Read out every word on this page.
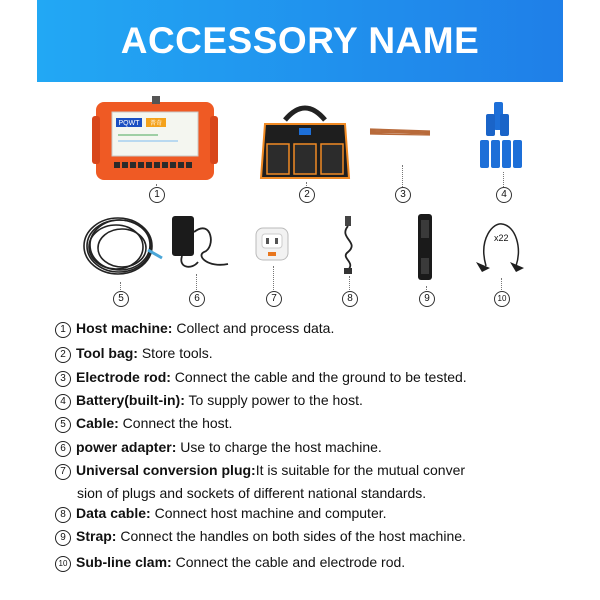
ACCESSORY NAME
PQWT 普奇
1	2	3	4
5	6	7	8	9
x22
10
1 Host machine: Collect and process data.
2 Tool bag: Store tools.
3 Electrode rod: Connect the cable and the ground to be tested.
4 Battery(built-in): To supply power to the host.
5 Cable: Connect the host.
6 power adapter: Use to charge the host machine.
7 Universal conversion plug:It is suitable for the mutual conver
sion of plugs and sockets of different national standards.
8 Data cable: Connect host machine and computer.
9 Strap: Connect the handles on both sides of the host machine.
10 Sub-line clam: Connect the cable and electrode rod.
